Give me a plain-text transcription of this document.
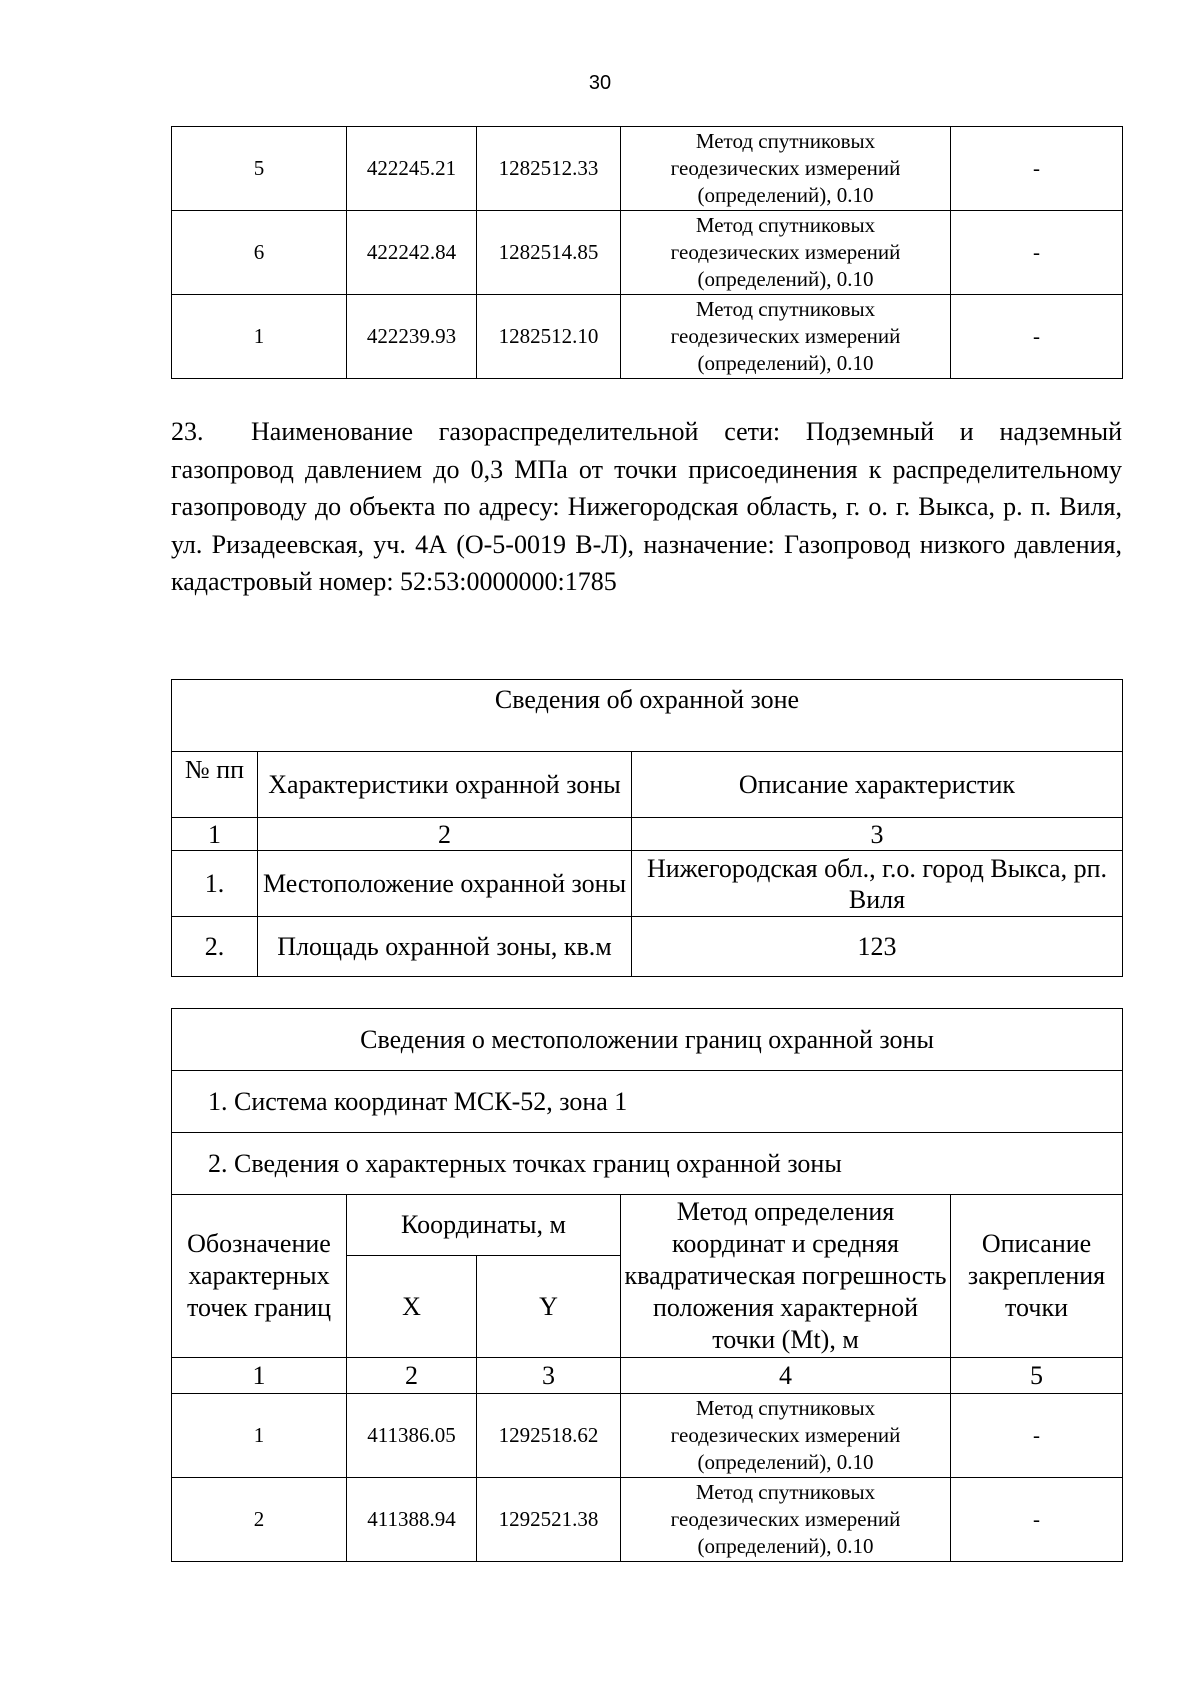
30
5	422245.21	1282512.33	Метод спутниковых
геодезических измерений
(определений), 0.10	-
6	422242.84	1282514.85	Метод спутниковых
геодезических измерений
(определений), 0.10	-
1	422239.93	1282512.10	Метод спутниковых
геодезических измерений
(определений), 0.10	-
23. Наименование газораспределительной сети: Подземный и надземный газопровод давлением до 0,3 МПа от точки присоединения к распределительному газопроводу до объекта по адресу: Нижегородская область, г. о. г. Выкса, р. п. Виля, ул. Ризадеевская, уч. 4А (О-5-0019 В-Л), назначение: Газопровод низкого давления, кадастровый номер: 52:53:0000000:1785
Сведения об охранной зоне		
№ пп	Характеристики охранной зоны	Описание характеристик
1	2	3
1.	Местоположение охранной зоны	Нижегородская обл., г.о. город Выкса, рп. Виля
2.	Площадь охранной зоны, кв.м	123
Сведения о местоположении границ охранной зоны				
1. Система координат МСК-52, зона 1				
2. Сведения о характерных точках границ охранной зоны				
Обозначение характерных точек границ	Координаты, м		Метод определения координат и средняя квадратическая погрешность положения характерной точки (Mt), м	Описание закрепления точки
	X	Y		
1	2	3	4	5
1	411386.05	1292518.62	Метод спутниковых
геодезических измерений
(определений), 0.10	-
2	411388.94	1292521.38	Метод спутниковых
геодезических измерений
(определений), 0.10	-
